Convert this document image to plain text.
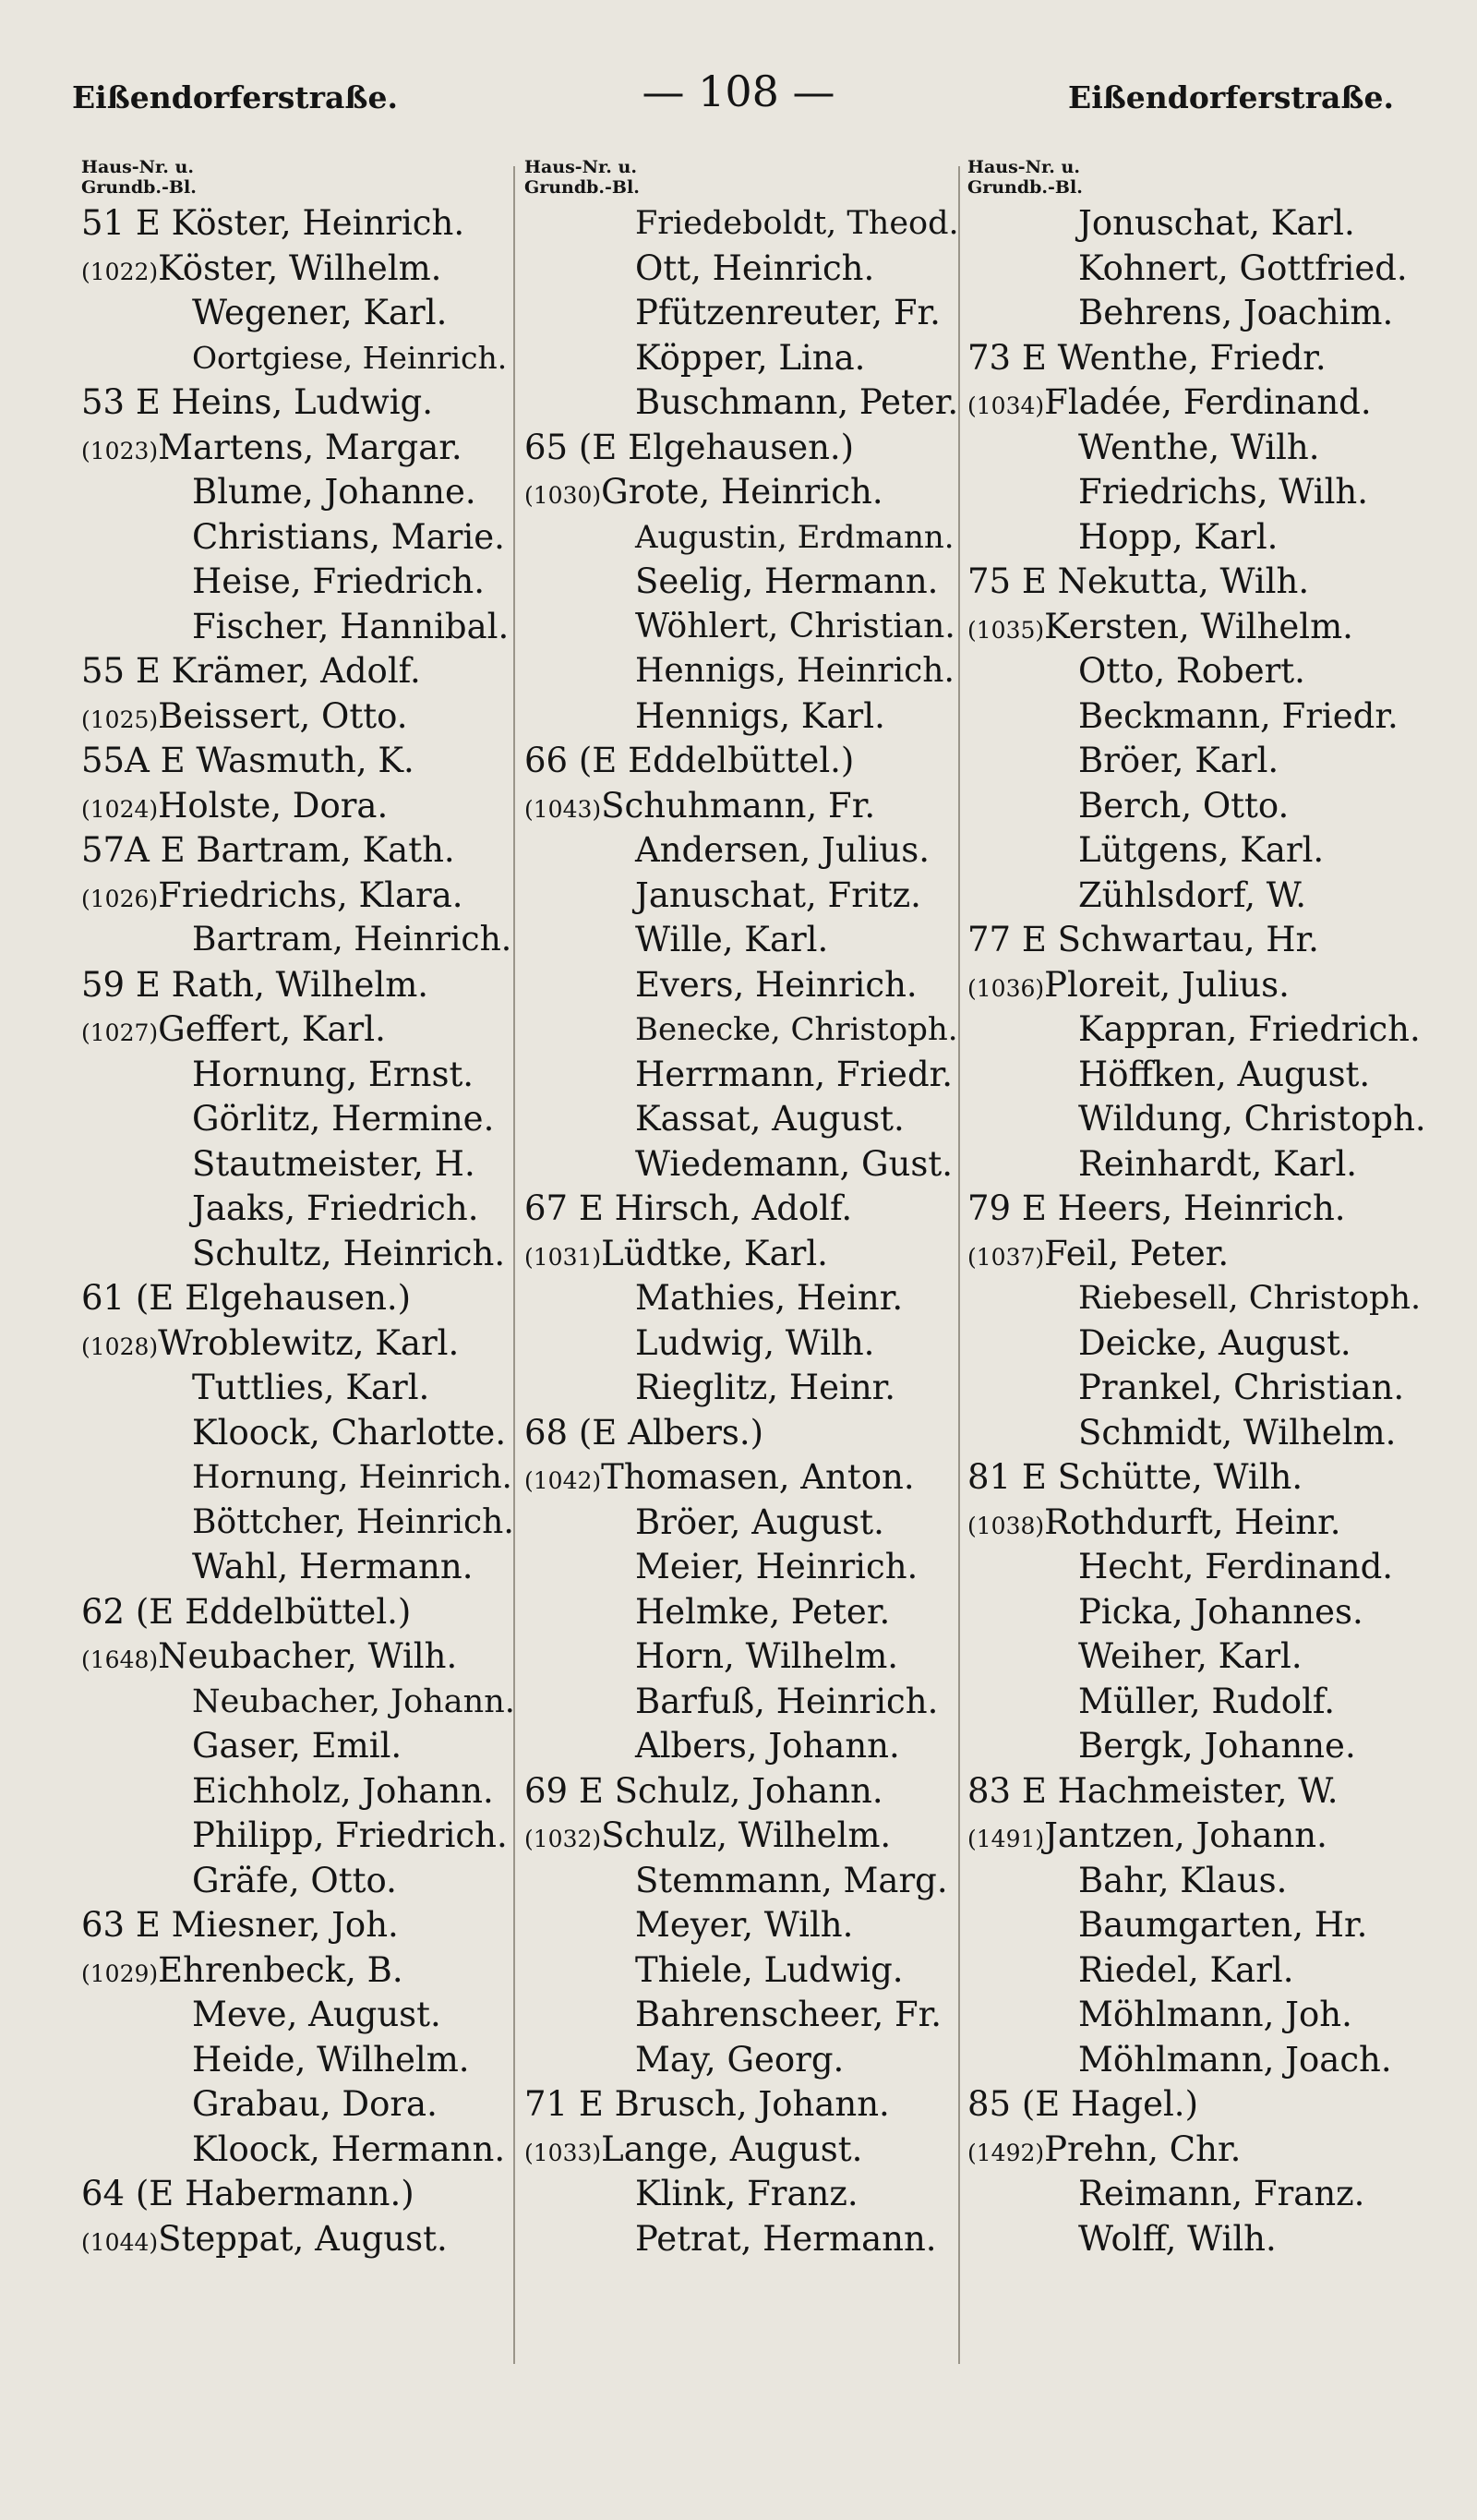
Eißendorferstraße.	— 108 —	Eißendorferstraße.
Haus-Nr. u.
Grundb.-Bl.
51 E Köster, Heinrich.
(1022)Köster, Wilhelm.
Wegener, Karl.
Oortgiese, Heinrich.
53 E Heins, Ludwig.
(1023)Martens, Margar.
Blume, Johanne.
Christians, Marie.
Heise, Friedrich.
Fischer, Hannibal.
55 E Krämer, Adolf.
(1025)Beissert, Otto.
55A E Wasmuth, K.
(1024)Holste, Dora.
57A E Bartram, Kath.
(1026)Friedrichs, Klara.
Bartram, Heinrich.
59 E Rath, Wilhelm.
(1027)Geffert, Karl.
Hornung, Ernst.
Görlitz, Hermine.
Stautmeister, H.
Jaaks, Friedrich.
Schultz, Heinrich.
61 (E Elgehausen.)
(1028)Wroblewitz, Karl.
Tuttlies, Karl.
Kloock, Charlotte.
Hornung, Heinrich.
Böttcher, Heinrich.
Wahl, Hermann.
62 (E Eddelbüttel.)
(1648)Neubacher, Wilh.
Neubacher, Johann.
Gaser, Emil.
Eichholz, Johann.
Philipp, Friedrich.
Gräfe, Otto.
63 E Miesner, Joh.
(1029)Ehrenbeck, B.
Meve, August.
Heide, Wilhelm.
Grabau, Dora.
Kloock, Hermann.
64 (E Habermann.)
(1044)Steppat, August.
Haus-Nr. u.
Grundb.-Bl.
Friedeboldt, Theod.
Ott, Heinrich.
Pfützenreuter, Fr.
Köpper, Lina.
Buschmann, Peter.
65 (E Elgehausen.)
(1030)Grote, Heinrich.
Augustin, Erdmann.
Seelig, Hermann.
Wöhlert, Christian.
Hennigs, Heinrich.
Hennigs, Karl.
66 (E Eddelbüttel.)
(1043)Schuhmann, Fr.
Andersen, Julius.
Januschat, Fritz.
Wille, Karl.
Evers, Heinrich.
Benecke, Christoph.
Herrmann, Friedr.
Kassat, August.
Wiedemann, Gust.
67 E Hirsch, Adolf.
(1031)Lüdtke, Karl.
Mathies, Heinr.
Ludwig, Wilh.
Rieglitz, Heinr.
68 (E Albers.)
(1042)Thomasen, Anton.
Bröer, August.
Meier, Heinrich.
Helmke, Peter.
Horn, Wilhelm.
Barfuß, Heinrich.
Albers, Johann.
69 E Schulz, Johann.
(1032)Schulz, Wilhelm.
Stemmann, Marg.
Meyer, Wilh.
Thiele, Ludwig.
Bahrenscheer, Fr.
May, Georg.
71 E Brusch, Johann.
(1033)Lange, August.
Klink, Franz.
Petrat, Hermann.
Haus-Nr. u.
Grundb.-Bl.
Jonuschat, Karl.
Kohnert, Gottfried.
Behrens, Joachim.
73 E Wenthe, Friedr.
(1034)Fladée, Ferdinand.
Wenthe, Wilh.
Friedrichs, Wilh.
Hopp, Karl.
75 E Nekutta, Wilh.
(1035)Kersten, Wilhelm.
Otto, Robert.
Beckmann, Friedr.
Bröer, Karl.
Berch, Otto.
Lütgens, Karl.
Zühlsdorf, W.
77 E Schwartau, Hr.
(1036)Ploreit, Julius.
Kappran, Friedrich.
Höffken, August.
Wildung, Christoph.
Reinhardt, Karl.
79 E Heers, Heinrich.
(1037)Feil, Peter.
Riebesell, Christoph.
Deicke, August.
Prankel, Christian.
Schmidt, Wilhelm.
81 E Schütte, Wilh.
(1038)Rothdurft, Heinr.
Hecht, Ferdinand.
Picka, Johannes.
Weiher, Karl.
Müller, Rudolf.
Bergk, Johanne.
83 E Hachmeister, W.
(1491)Jantzen, Johann.
Bahr, Klaus.
Baumgarten, Hr.
Riedel, Karl.
Möhlmann, Joh.
Möhlmann, Joach.
85 (E Hagel.)
(1492)Prehn, Chr.
Reimann, Franz.
Wolff, Wilh.
